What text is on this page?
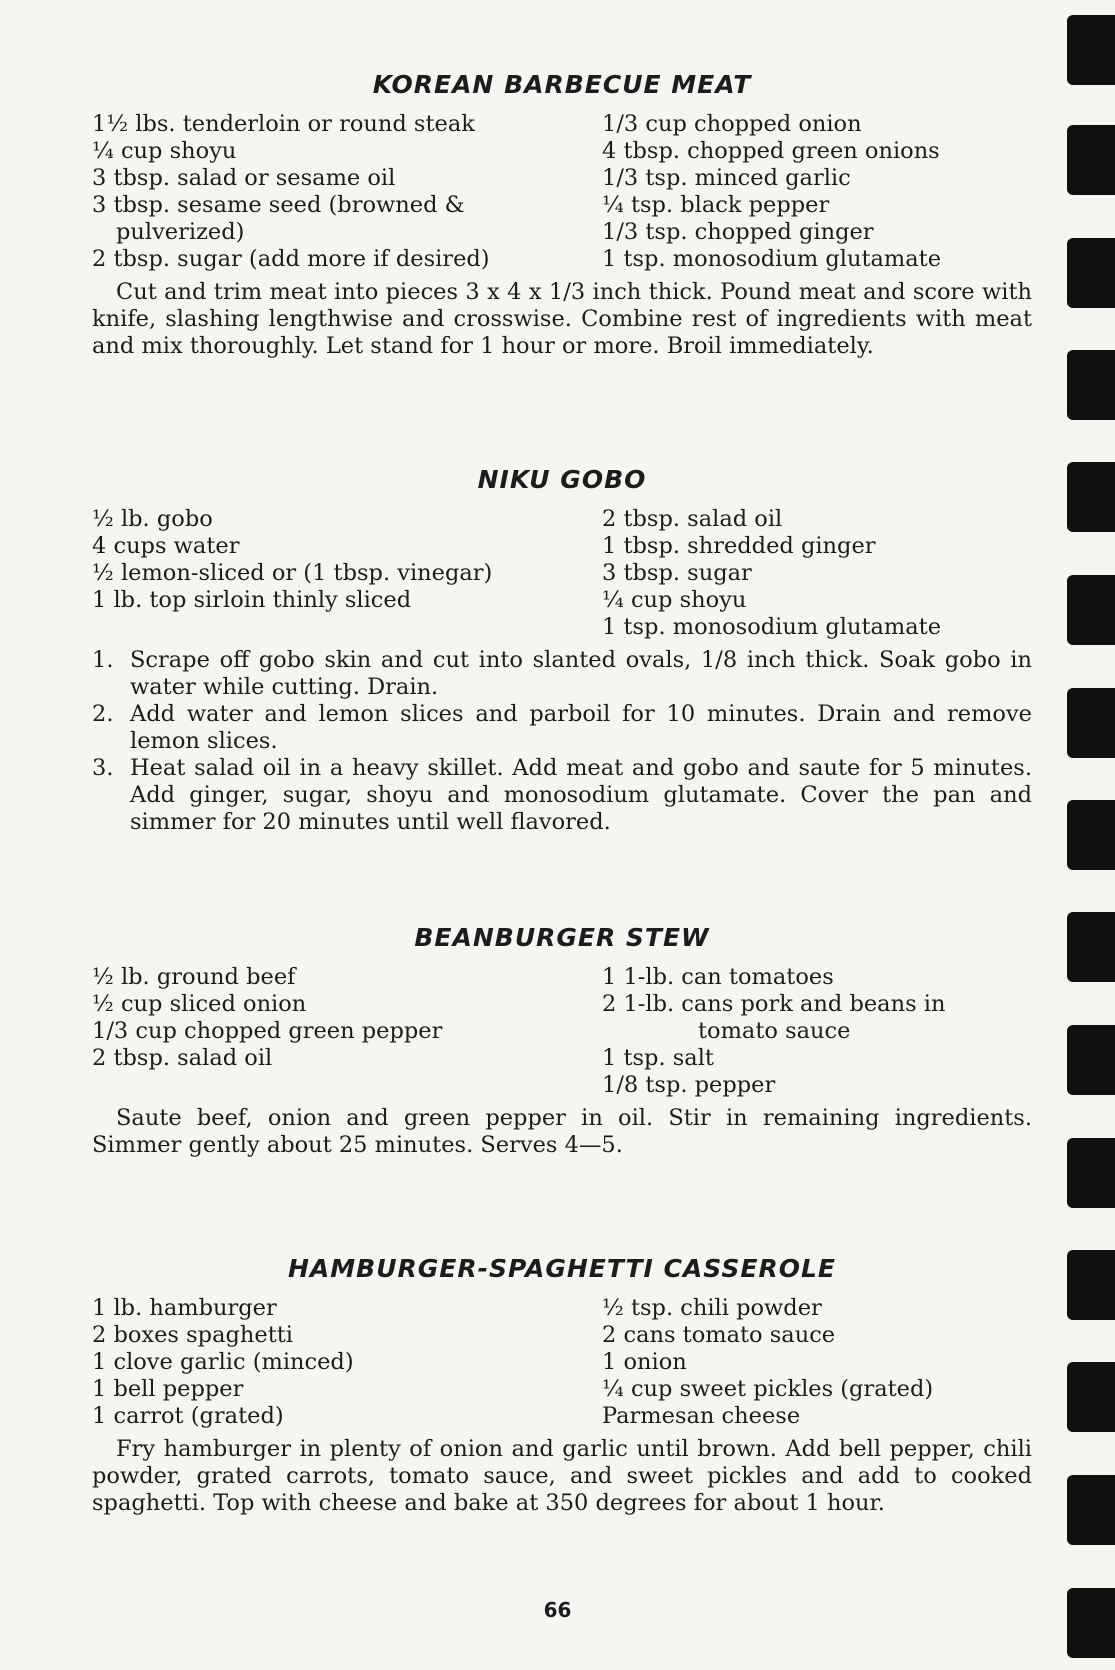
KOREAN BARBECUE MEAT
1½ lbs. tenderloin or round steak
¼ cup shoyu
3 tbsp. salad or sesame oil
3 tbsp. sesame seed (browned & pulverized)
2 tbsp. sugar (add more if desired)
1/3 cup chopped onion
4 tbsp. chopped green onions
1/3 tsp. minced garlic
¼ tsp. black pepper
1/3 tsp. chopped ginger
1 tsp. monosodium glutamate

Cut and trim meat into pieces 3 x 4 x 1/3 inch thick. Pound meat and score with knife, slashing lengthwise and crosswise. Combine rest of ingredients with meat and mix thoroughly. Let stand for 1 hour or more. Broil immediately.

NIKU GOBO
½ lb. gobo
4 cups water
½ lemon-sliced or (1 tbsp. vinegar)
1 lb. top sirloin thinly sliced
2 tbsp. salad oil
1 tbsp. shredded ginger
3 tbsp. sugar
¼ cup shoyu
1 tsp. monosodium glutamate
1. Scrape off gobo skin and cut into slanted ovals, 1/8 inch thick. Soak gobo in water while cutting. Drain.
2. Add water and lemon slices and parboil for 10 minutes. Drain and remove lemon slices.
3. Heat salad oil in a heavy skillet. Add meat and gobo and saute for 5 minutes. Add ginger, sugar, shoyu and monosodium glutamate. Cover the pan and simmer for 20 minutes until well flavored.
BEANBURGER STEW
½ lb. ground beef
½ cup sliced onion
1/3 cup chopped green pepper
2 tbsp. salad oil
1 1-lb. can tomatoes
2 1-lb. cans pork and beans in
tomato sauce
1 tsp. salt
1/8 tsp. pepper

Saute beef, onion and green pepper in oil. Stir in remaining ingredients. Simmer gently about 25 minutes. Serves 4—5.

HAMBURGER-SPAGHETTI CASSEROLE
1 lb. hamburger
2 boxes spaghetti
1 clove garlic (minced)
1 bell pepper
1 carrot (grated)
½ tsp. chili powder
2 cans tomato sauce
1 onion
¼ cup sweet pickles (grated)
Parmesan cheese

Fry hamburger in plenty of onion and garlic until brown. Add bell pepper, chili powder, grated carrots, tomato sauce, and sweet pickles and add to cooked spaghetti. Top with cheese and bake at 350 degrees for about 1 hour.

66
